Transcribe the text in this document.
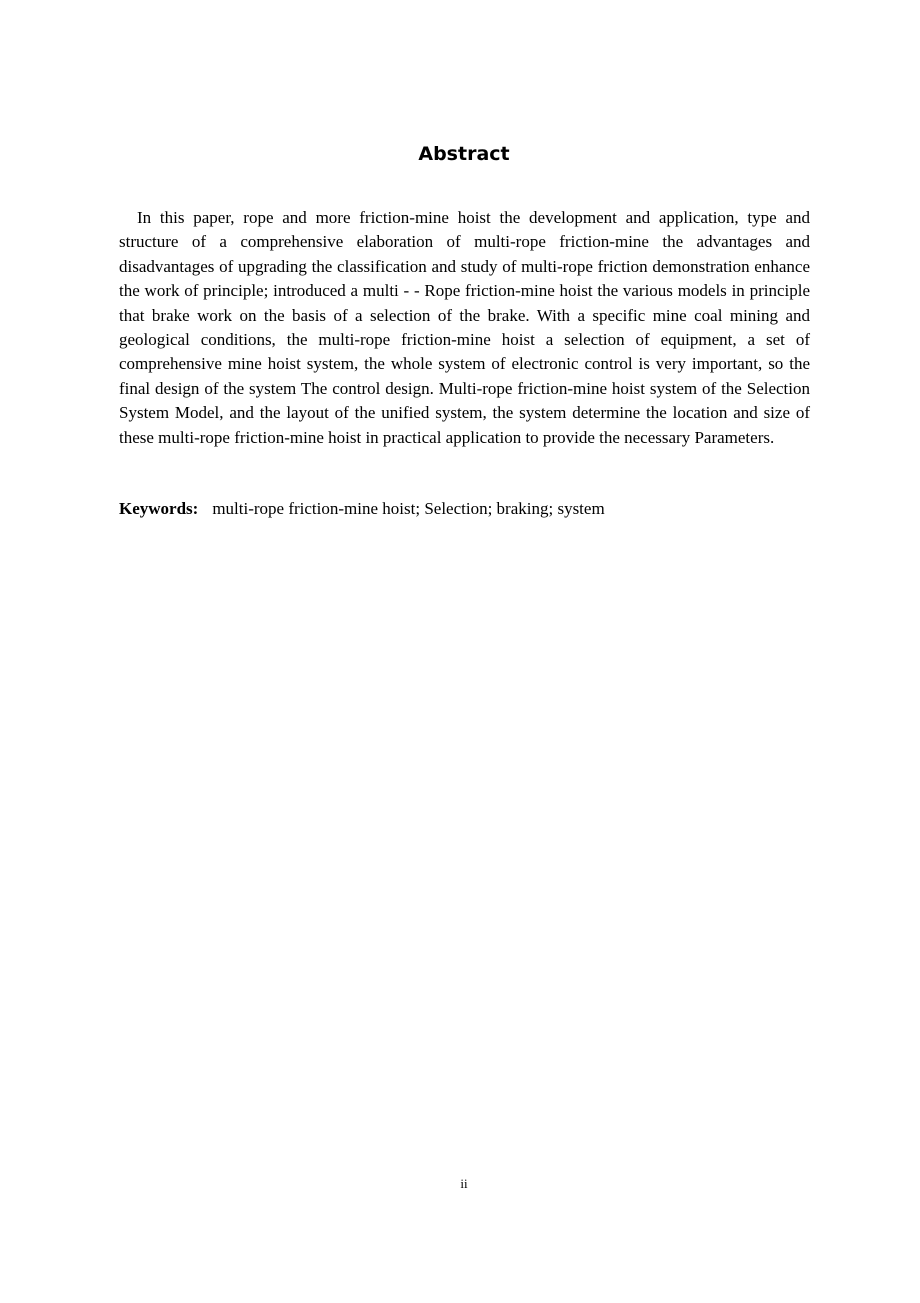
Abstract

In this paper, rope and more friction-mine hoist the development and application, type and structure of a comprehensive elaboration of multi-rope friction-mine the advantages and disadvantages of upgrading the classification and study of multi-rope friction demonstration enhance the work of principle; introduced a multi - - Rope friction-mine hoist the various models in principle that brake work on the basis of a selection of the brake. With a specific mine coal mining and geological conditions, the multi-rope friction-mine hoist a selection of equipment, a set of comprehensive mine hoist system, the whole system of electronic control is very important, so the final design of the system The control design. Multi-rope friction-mine hoist system of the Selection System Model, and the layout of the unified system, the system determine the location and size of these multi-rope friction-mine hoist in practical application to provide the necessary Parameters.

Keywords: multi-rope friction-mine hoist; Selection; braking; system

ii
